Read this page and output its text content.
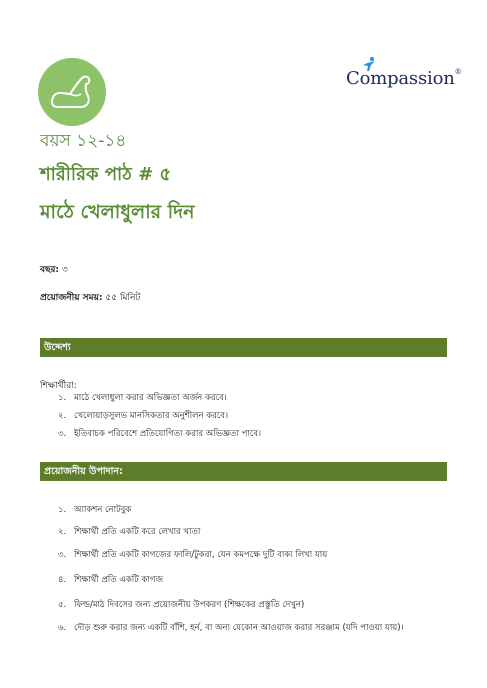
Compassion®
বয়স ১২-১৪
শারীরিক পাঠ # ৫
মাঠে খেলাধুলার দিন
বছর: ৩
প্রয়োজনীয় সময়: ৫৫ মিনিট
উদ্দেশ্য
শিক্ষার্থীরা:
১. মাঠে খেলাধুলা করার অভিজ্ঞতা অর্জন করবে।
২. খেলোয়াড়সুলভ মানসিকতার অনুশীলন করবে।
৩. ইতিবাচক পরিবেশে প্রতিযোগিতা করার অভিজ্ঞতা পাবে।
প্রয়োজনীয় উপাদান:
১. অ্যাকশন নোটবুক
২. শিক্ষার্থী প্রতি একটি করে লেখার খাতা
৩. শিক্ষার্থী প্রতি একটি কাগজের ফালি/টুকরা, যেন কমপক্ষে দুটি বাক্য লিখা যায়
৪. শিক্ষার্থী প্রতি একটি কাগজ
৫. ফিল্ড/মাঠ দিবসের জন্য প্রয়োজনীয় উপকরণ (শিক্ষকের প্রস্তুতি দেখুন)
৬. দৌড় শুরু করার জন্য একটি বাঁশি, হর্ন, বা অন্য যেকোন আওয়াজ করার সরঞ্জাম (যদি পাওয়া যায়)।
